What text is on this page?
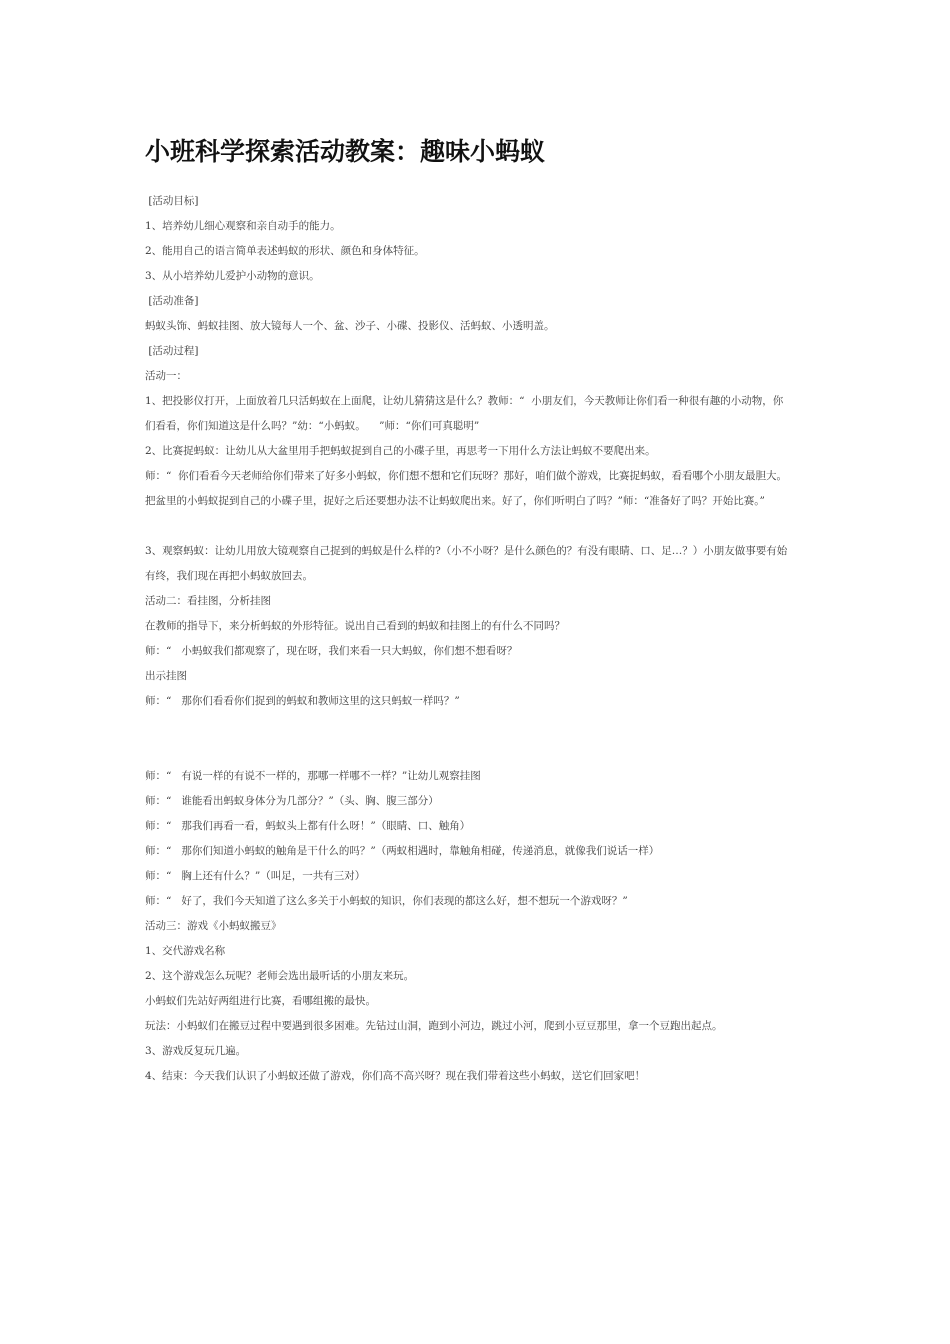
小班科学探索活动教案：趣味小蚂蚁
[活动目标]
1、培养幼儿细心观察和亲自动手的能力。
2、能用自己的语言简单表述蚂蚁的形状、颜色和身体特征。
3、从小培养幼儿爱护小动物的意识。
[活动准备]
蚂蚁头饰、蚂蚁挂图、放大镜每人一个、盆、沙子、小碟、投影仪、活蚂蚁、小透明盖。
[活动过程]
活动一：
1、把投影仪打开，上面放着几只活蚂蚁在上面爬，让幼儿猜猜这是什么？教师：“  小朋友们，今天教师让你们看一种很有趣的小动物，你
们看看，你们知道这是什么吗？”幼：“小蚂蚁。    ”师：“你们可真聪明”
2、比赛捉蚂蚁：让幼儿从大盆里用手把蚂蚁捉到自己的小碟子里，再思考一下用什么方法让蚂蚁不要爬出来。
师：“  你们看看今天老师给你们带来了好多小蚂蚁，你们想不想和它们玩呀？那好，咱们做个游戏，比赛捉蚂蚁，看看哪个小朋友最胆大。
把盆里的小蚂蚁捉到自己的小碟子里，捉好之后还要想办法不让蚂蚁爬出来。好了，你们听明白了吗？”师：“准备好了吗？开始比赛。”
3、观察蚂蚁：让幼儿用放大镜观察自己捉到的蚂蚁是什么样的?（小不小呀？是什么颜色的？有没有眼睛、口、足…？）小朋友做事要有始
有终，我们现在再把小蚂蚁放回去。
活动二：看挂图，分析挂图
在教师的指导下，来分析蚂蚁的外形特征。说出自己看到的蚂蚁和挂图上的有什么不同吗？
师：“   小蚂蚁我们都观察了，现在呀，我们来看一只大蚂蚁，你们想不想看呀？
出示挂图
师：“   那你们看看你们捉到的蚂蚁和教师这里的这只蚂蚁一样吗？”
师：“   有说一样的有说不一样的，那哪一样哪不一样？”让幼儿观察挂图
师：“   谁能看出蚂蚁身体分为几部分？”（头、胸、腹三部分）
师：“   那我们再看一看，蚂蚁头上都有什么呀！”（眼睛、口、触角）
师：“   那你们知道小蚂蚁的触角是干什么的吗？”（两蚁相遇时，靠触角相碰，传递消息，就像我们说话一样）
师：“   胸上还有什么？”（叫足，一共有三对）
师：“   好了，我们今天知道了这么多关于小蚂蚁的知识，你们表现的都这么好，想不想玩一个游戏呀？”
活动三：游戏《小蚂蚁搬豆》
1、交代游戏名称
2、这个游戏怎么玩呢？老师会选出最听话的小朋友来玩。
小蚂蚁们先站好两组进行比赛，看哪组搬的最快。
玩法：小蚂蚁们在搬豆过程中要遇到很多困难。先钻过山洞，跑到小河边，跳过小河，爬到小豆豆那里，拿一个豆跑出起点。
3、游戏反复玩几遍。
4、结束：今天我们认识了小蚂蚁还做了游戏，你们高不高兴呀？现在我们带着这些小蚂蚁，送它们回家吧！
